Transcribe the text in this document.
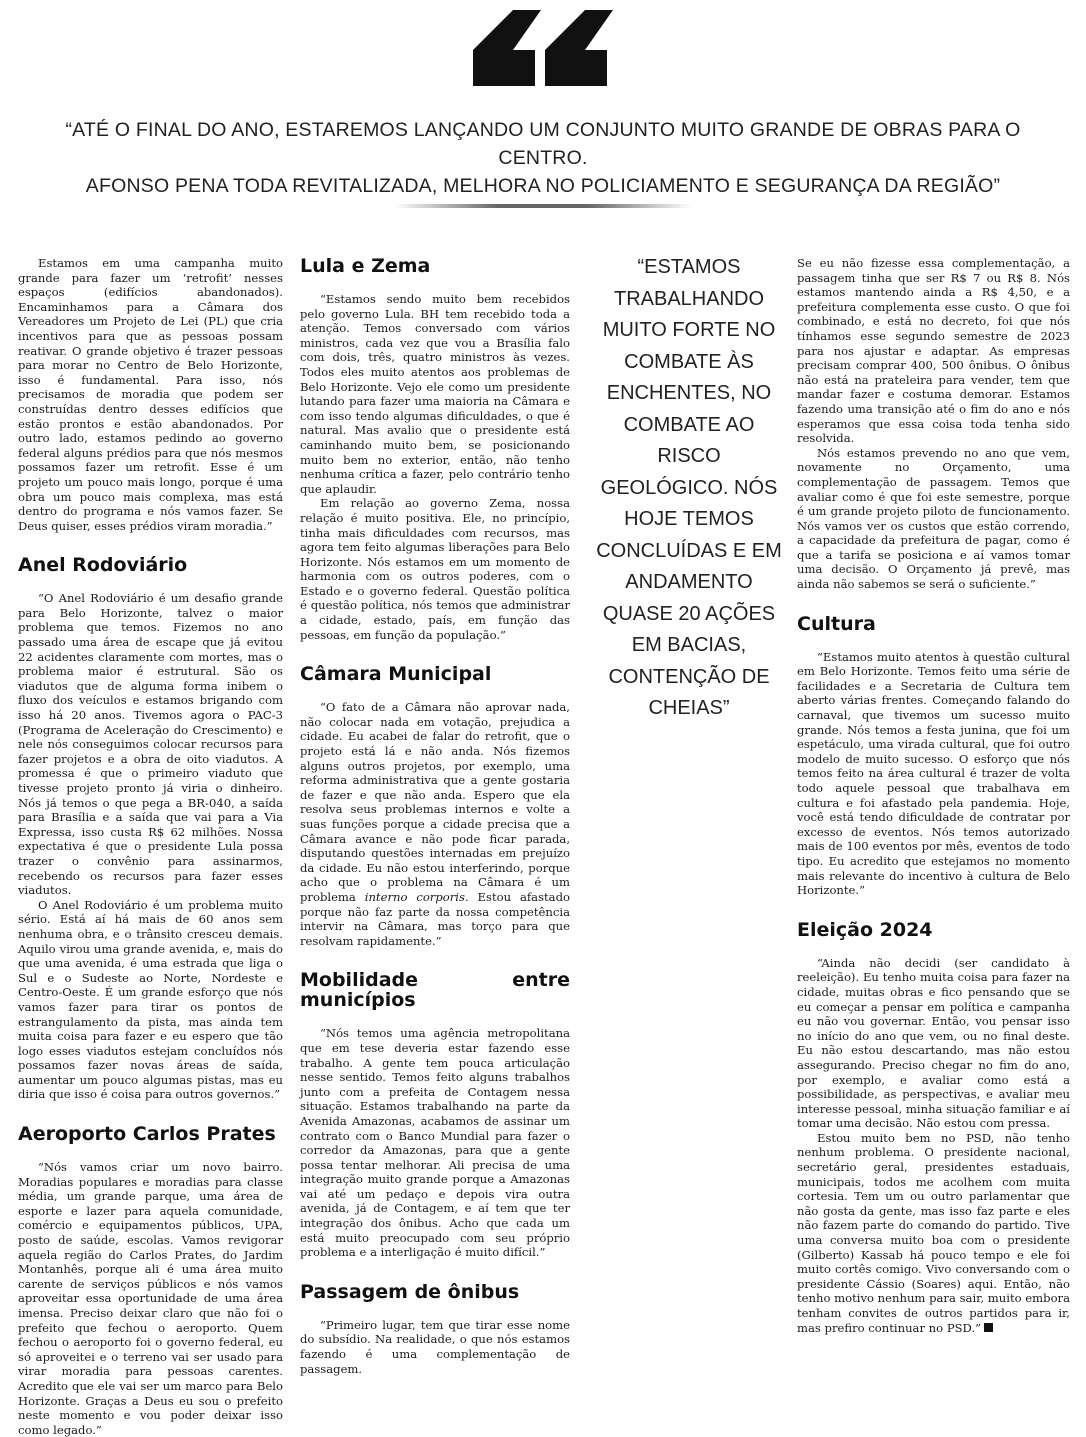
“ATÉ O FINAL DO ANO, ESTAREMOS LANÇANDO UM CONJUNTO MUITO GRANDE DE OBRAS PARA O CENTRO.
AFONSO PENA TODA REVITALIZADA, MELHORA NO POLICIAMENTO E SEGURANÇA DA REGIÃO”

Estamos em uma campanha muito grande para fazer um ‘retrofit’ nesses espaços (edifícios abandonados). Encaminhamos para a Câmara dos Vereadores um Projeto de Lei (PL) que cria incentivos para que as pessoas possam reativar. O grande objetivo é trazer pessoas para morar no Centro de Belo Horizonte, isso é fundamental. Para isso, nós precisamos de moradia que podem ser construídas dentro desses edifícios que estão prontos e estão abandonados. Por outro lado, estamos pedindo ao governo federal alguns prédios para que nós mesmos possamos fazer um retrofit. Esse é um projeto um pouco mais longo, porque é uma obra um pouco mais complexa, mas está dentro do programa e nós vamos fazer. Se Deus quiser, esses prédios viram moradia.”

Anel Rodoviário

“O Anel Rodoviário é um desafio grande para Belo Horizonte, talvez o maior problema que temos. Fizemos no ano passado uma área de escape que já evitou 22 acidentes claramente com mortes, mas o problema maior é estrutural. São os viadutos que de alguma forma inibem o fluxo dos veículos e estamos brigando com isso há 20 anos. Tivemos agora o PAC-3 (Programa de Aceleração do Crescimento) e nele nós conseguimos colocar recursos para fazer projetos e a obra de oito viadutos. A promessa é que o primeiro viaduto que tivesse projeto pronto já viria o dinheiro. Nós já temos o que pega a BR-040, a saída para Brasília e a saída que vai para a Via Expressa, isso custa R$ 62 milhões. Nossa expectativa é que o presidente Lula possa trazer o convênio para assinarmos, recebendo os recursos para fazer esses viadutos.

O Anel Rodoviário é um problema muito sério. Está aí há mais de 60 anos sem nenhuma obra, e o trânsito cresceu demais. Aquilo virou uma grande avenida, e, mais do que uma avenida, é uma estrada que liga o Sul e o Sudeste ao Norte, Nordeste e Centro-Oeste. É um grande esforço que nós vamos fazer para tirar os pontos de estrangulamento da pista, mas ainda tem muita coisa para fazer e eu espero que tão logo esses viadutos estejam concluídos nós possamos fazer novas áreas de saída, aumentar um pouco algumas pistas, mas eu diria que isso é coisa para outros governos.”

Aeroporto Carlos Prates

“Nós vamos criar um novo bairro. Moradias populares e moradias para classe média, um grande parque, uma área de esporte e lazer para aquela comunidade, comércio e equipamentos públicos, UPA, posto de saúde, escolas. Vamos revigorar aquela região do Carlos Prates, do Jardim Montanhês, porque ali é uma área muito carente de serviços públicos e nós vamos aproveitar essa oportunidade de uma área imensa. Preciso deixar claro que não foi o prefeito que fechou o aeroporto. Quem fechou o aeroporto foi o governo federal, eu só aproveitei e o terreno vai ser usado para virar moradia para pessoas carentes. Acredito que ele vai ser um marco para Belo Horizonte. Graças a Deus eu sou o prefeito neste momento e vou poder deixar isso como legado.”

Lula e Zema

“Estamos sendo muito bem recebidos pelo governo Lula. BH tem recebido toda a atenção. Temos conversado com vários ministros, cada vez que vou a Brasília falo com dois, três, quatro ministros às vezes. Todos eles muito atentos aos problemas de Belo Horizonte. Vejo ele como um presidente lutando para fazer uma maioria na Câmara e com isso tendo algumas dificuldades, o que é natural. Mas avalio que o presidente está caminhando muito bem, se posicionando muito bem no exterior, então, não tenho nenhuma crítica a fazer, pelo contrário tenho que aplaudir.

Em relação ao governo Zema, nossa relação é muito positiva. Ele, no princípio, tinha mais dificuldades com recursos, mas agora tem feito algumas liberações para Belo Horizonte. Nós estamos em um momento de harmonia com os outros poderes, com o Estado e o governo federal. Questão política é questão política, nós temos que administrar a cidade, estado, país, em função das pessoas, em função da população.”

Câmara Municipal

“O fato de a Câmara não aprovar nada, não colocar nada em votação, prejudica a cidade. Eu acabei de falar do retrofit, que o projeto está lá e não anda. Nós fizemos alguns outros projetos, por exemplo, uma reforma administrativa que a gente gostaria de fazer e que não anda. Espero que ela resolva seus problemas internos e volte a suas funções porque a cidade precisa que a Câmara avance e não pode ficar parada, disputando questões internadas em prejuízo da cidade. Eu não estou interferindo, porque acho que o problema na Câmara é um problema interno corporis. Estou afastado porque não faz parte da nossa competência intervir na Câmara, mas torço para que resolvam rapidamente.”

Mobilidade entre municípios

“Nós temos uma agência metropolitana que em tese deveria estar fazendo esse trabalho. A gente tem pouca articulação nesse sentido. Temos feito alguns trabalhos junto com a prefeita de Contagem nessa situação. Estamos trabalhando na parte da Avenida Amazonas, acabamos de assinar um contrato com o Banco Mundial para fazer o corredor da Amazonas, para que a gente possa tentar melhorar. Ali precisa de uma integração muito grande porque a Amazonas vai até um pedaço e depois vira outra avenida, já de Contagem, e aí tem que ter integração dos ônibus. Acho que cada um está muito preocupado com seu próprio problema e a interligação é muito difícil.”

Passagem de ônibus

“Primeiro lugar, tem que tirar esse nome do subsídio. Na realidade, o que nós estamos fazendo é uma complementação de passagem.

“ESTAMOS TRABALHANDO MUITO FORTE NO COMBATE ÀS ENCHENTES, NO COMBATE AO RISCO GEOLÓGICO. NÓS HOJE TEMOS CONCLUÍDAS E EM ANDAMENTO QUASE 20 AÇÕES EM BACIAS, CONTENÇÃO DE CHEIAS”

Se eu não fizesse essa complementação, a passagem tinha que ser R$ 7 ou R$ 8. Nós estamos mantendo ainda a R$ 4,50, e a prefeitura complementa esse custo. O que foi combinado, e está no decreto, foi que nós tínhamos esse segundo semestre de 2023 para nos ajustar e adaptar. As empresas precisam comprar 400, 500 ônibus. O ônibus não está na prateleira para vender, tem que mandar fazer e costuma demorar. Estamos fazendo uma transição até o fim do ano e nós esperamos que essa coisa toda tenha sido resolvida.

Nós estamos prevendo no ano que vem, novamente no Orçamento, uma complementação de passagem. Temos que avaliar como é que foi este semestre, porque é um grande projeto piloto de funcionamento. Nós vamos ver os custos que estão correndo, a capacidade da prefeitura de pagar, como é que a tarifa se posiciona e aí vamos tomar uma decisão. O Orçamento já prevê, mas ainda não sabemos se será o suficiente.”

Cultura

“Estamos muito atentos à questão cultural em Belo Horizonte. Temos feito uma série de facilidades e a Secretaria de Cultura tem aberto várias frentes. Começando falando do carnaval, que tivemos um sucesso muito grande. Nós temos a festa junina, que foi um espetáculo, uma virada cultural, que foi outro modelo de muito sucesso. O esforço que nós temos feito na área cultural é trazer de volta todo aquele pessoal que trabalhava em cultura e foi afastado pela pandemia. Hoje, você está tendo dificuldade de contratar por excesso de eventos. Nós temos autorizado mais de 100 eventos por mês, eventos de todo tipo. Eu acredito que estejamos no momento mais relevante do incentivo à cultura de Belo Horizonte.”

Eleição 2024

“Ainda não decidi (ser candidato à reeleição). Eu tenho muita coisa para fazer na cidade, muitas obras e fico pensando que se eu começar a pensar em política e campanha eu não vou governar. Então, vou pensar isso no início do ano que vem, ou no final deste. Eu não estou descartando, mas não estou assegurando. Preciso chegar no fim do ano, por exemplo, e avaliar como está a possibilidade, as perspectivas, e avaliar meu interesse pessoal, minha situação familiar e aí tomar uma decisão. Não estou com pressa.

Estou muito bem no PSD, não tenho nenhum problema. O presidente nacional, secretário geral, presidentes estaduais, municipais, todos me acolhem com muita cortesia. Tem um ou outro parlamentar que não gosta da gente, mas isso faz parte e eles não fazem parte do comando do partido. Tive uma conversa muito boa com o presidente (Gilberto) Kassab há pouco tempo e ele foi muito cortês comigo. Vivo conversando com o presidente Cássio (Soares) aqui. Então, não tenho motivo nenhum para sair, muito embora tenham convites de outros partidos para ir, mas prefiro continuar no PSD.”
